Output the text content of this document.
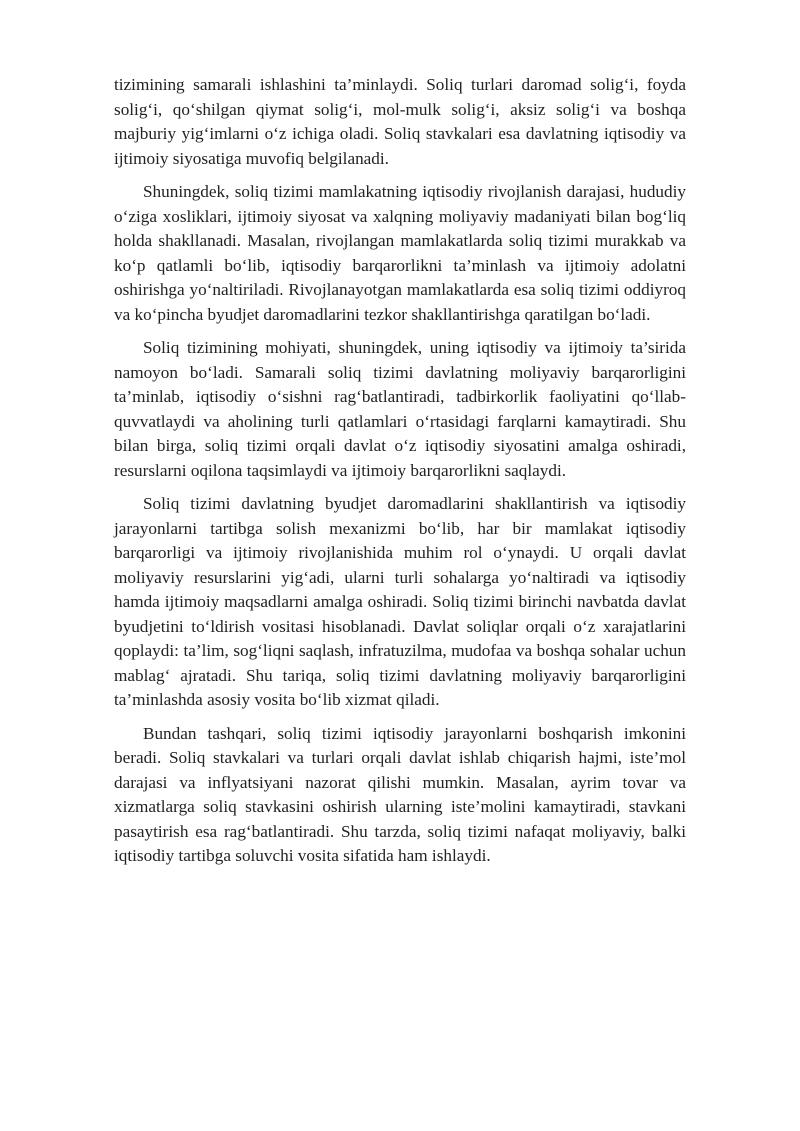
tizimining samarali ishlashini ta’minlaydi. Soliq turlari daromad solig‘i, foyda solig‘i, qo‘shilgan qiymat solig‘i, mol-mulk solig‘i, aksiz solig‘i va boshqa majburiy yig‘imlarni o‘z ichiga oladi. Soliq stavkalari esa davlatning iqtisodiy va ijtimoiy siyosatiga muvofiq belgilanadi.

Shuningdek, soliq tizimi mamlakatning iqtisodiy rivojlanish darajasi, hududiy o‘ziga xosliklari, ijtimoiy siyosat va xalqning moliyaviy madaniyati bilan bog‘liq holda shakllanadi. Masalan, rivojlangan mamlakatlarda soliq tizimi murakkab va ko‘p qatlamli bo‘lib, iqtisodiy barqarorlikni ta’minlash va ijtimoiy adolatni oshirishga yo‘naltiriladi. Rivojlanayotgan mamlakatlarda esa soliq tizimi oddiyroq va ko‘pincha byudjet daromadlarini tezkor shakllantirishga qaratilgan bo‘ladi.

Soliq tizimining mohiyati, shuningdek, uning iqtisodiy va ijtimoiy ta’sirida namoyon bo‘ladi. Samarali soliq tizimi davlatning moliyaviy barqarorligini ta’minlab, iqtisodiy o‘sishni rag‘batlantiradi, tadbirkorlik faoliyatini qo‘llab-quvvatlaydi va aholining turli qatlamlari o‘rtasidagi farqlarni kamaytiradi. Shu bilan birga, soliq tizimi orqali davlat o‘z iqtisodiy siyosatini amalga oshiradi, resurslarni oqilona taqsimlaydi va ijtimoiy barqarorlikni saqlaydi.

Soliq tizimi davlatning byudjet daromadlarini shakllantirish va iqtisodiy jarayonlarni tartibga solish mexanizmi bo‘lib, har bir mamlakat iqtisodiy barqarorligi va ijtimoiy rivojlanishida muhim rol o‘ynaydi. U orqali davlat moliyaviy resurslarini yig‘adi, ularni turli sohalarga yo‘naltiradi va iqtisodiy hamda ijtimoiy maqsadlarni amalga oshiradi. Soliq tizimi birinchi navbatda davlat byudjetini to‘ldirish vositasi hisoblanadi. Davlat soliqlar orqali o‘z xarajatlarini qoplaydi: ta’lim, sog‘liqni saqlash, infratuzilma, mudofaa va boshqa sohalar uchun mablag‘ ajratadi. Shu tariqa, soliq tizimi davlatning moliyaviy barqarorligini ta’minlashda asosiy vosita bo‘lib xizmat qiladi.

Bundan tashqari, soliq tizimi iqtisodiy jarayonlarni boshqarish imkonini beradi. Soliq stavkalari va turlari orqali davlat ishlab chiqarish hajmi, iste’mol darajasi va inflyatsiyani nazorat qilishi mumkin. Masalan, ayrim tovar va xizmatlarga soliq stavkasini oshirish ularning iste’molini kamaytiradi, stavkani pasaytirish esa rag‘batlantiradi. Shu tarzda, soliq tizimi nafaqat moliyaviy, balki iqtisodiy tartibga soluvchi vosita sifatida ham ishlaydi.
